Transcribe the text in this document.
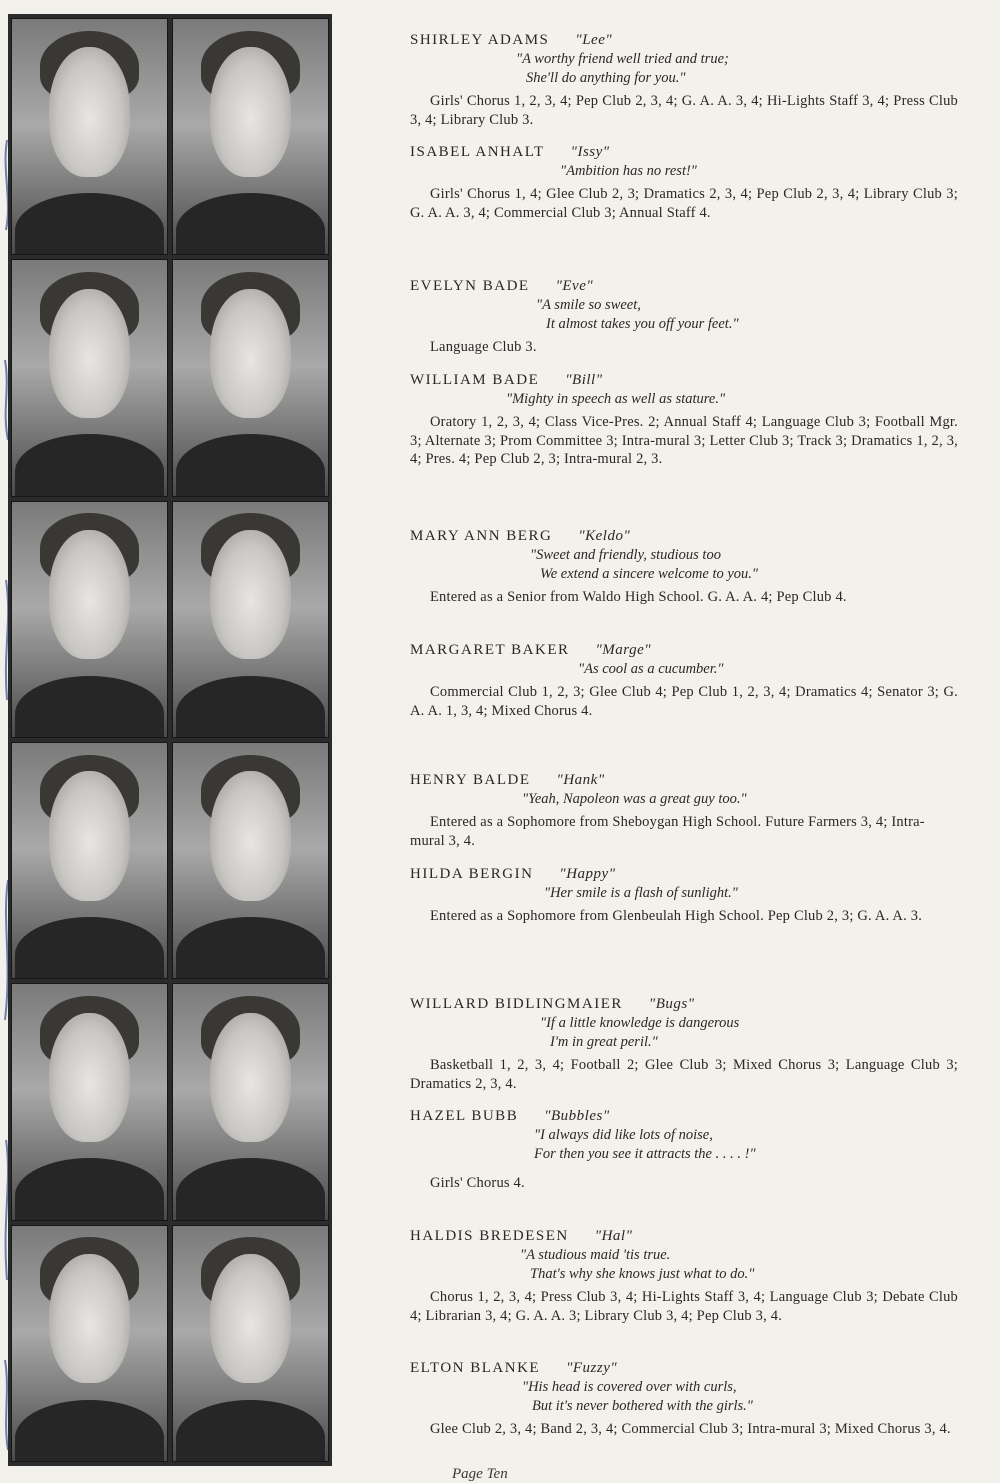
SHIRLEY ADAMS "Lee"
"A worthy friend well tried and true;
She'll do anything for you."
Girls' Chorus 1, 2, 3, 4; Pep Club 2, 3, 4; G. A. A. 3, 4; Hi-Lights Staff 3, 4; Press Club 3, 4; Library Club 3.
ISABEL ANHALT "Issy"
"Ambition has no rest!"
Girls' Chorus 1, 4; Glee Club 2, 3; Dramatics 2, 3, 4; Pep Club 2, 3, 4; Library Club 3; G. A. A. 3, 4; Commercial Club 3; Annual Staff 4.
EVELYN BADE "Eve"
"A smile so sweet,
It almost takes you off your feet."
Language Club 3.
WILLIAM BADE "Bill"
"Mighty in speech as well as stature."
Oratory 1, 2, 3, 4; Class Vice-Pres. 2; Annual Staff 4; Language Club 3; Football Mgr. 3; Alternate 3; Prom Committee 3; Intra-mural 3; Letter Club 3; Track 3; Dramatics 1, 2, 3, 4; Pres. 4; Pep Club 2, 3; Intra-mural 2, 3.
MARY ANN BERG "Keldo"
"Sweet and friendly, studious too
We extend a sincere welcome to you."
Entered as a Senior from Waldo High School. G. A. A. 4; Pep Club 4.
MARGARET BAKER "Marge"
"As cool as a cucumber."
Commercial Club 1, 2, 3; Glee Club 4; Pep Club 1, 2, 3, 4; Dramatics 4; Senator 3; G. A. A. 1, 3, 4; Mixed Chorus 4.
HENRY BALDE "Hank"
"Yeah, Napoleon was a great guy too."
Entered as a Sophomore from Sheboygan High School. Future Farmers 3, 4; Intra-mural 3, 4.
HILDA BERGIN "Happy"
"Her smile is a flash of sunlight."
Entered as a Sophomore from Glenbeulah High School. Pep Club 2, 3; G. A. A. 3.
WILLARD BIDLINGMAIER "Bugs"
"If a little knowledge is dangerous
I'm in great peril."
Basketball 1, 2, 3, 4; Football 2; Glee Club 3; Mixed Chorus 3; Language Club 3; Dramatics 2, 3, 4.
HAZEL BUBB "Bubbles"
"I always did like lots of noise,
For then you see it attracts the . . . . !"
Girls' Chorus 4.
HALDIS BREDESEN "Hal"
"A studious maid 'tis true.
That's why she knows just what to do."
Chorus 1, 2, 3, 4; Press Club 3, 4; Hi-Lights Staff 3, 4; Language Club 3; Debate Club 4; Librarian 3, 4; G. A. A. 3; Library Club 3, 4; Pep Club 3, 4.
ELTON BLANKE "Fuzzy"
"His head is covered over with curls,
But it's never bothered with the girls."
Glee Club 2, 3, 4; Band 2, 3, 4; Commercial Club 3; Intra-mural 3; Mixed Chorus 3, 4.
Page Ten
